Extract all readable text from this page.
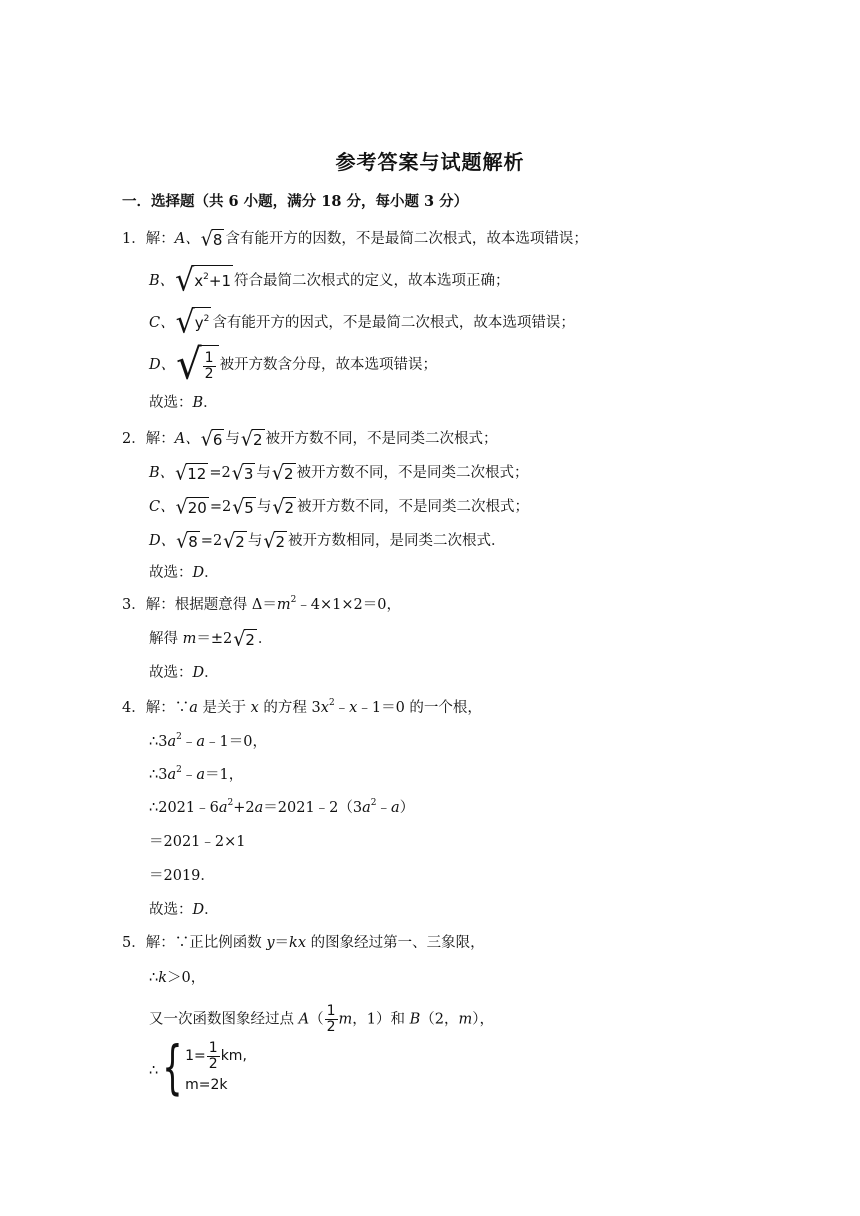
参考答案与试题解析
一．选择题（共 6 小题，满分 18 分，每小题 3 分）
1．解：A、 √ 8 含有能开方的因数，不是最简二次根式，故本选项错误；
B、 √ $x^2+1$ 符合最简二次根式的定义，故本选项正确；
C、 √ $y^2$ 含有能开方的因式，不是最简二次根式，故本选项错误；
D、 √ $\frac{1}{2}$ 被开方数含分母，故本选项错误；
故选：B．
2．解：A、 √ 6 与 √ 2 被开方数不同，不是同类二次根式；
B、 √ 12 =2 √ 3 与 √ 2 被开方数不同，不是同类二次根式；
C、 √ 20 =2 √ 5 与 √ 2 被开方数不同，不是同类二次根式；
D、 √ 8 =2 √ 2 与 √ 2 被开方数相同，是同类二次根式．
故选：D．
3．解：根据题意得 $\Delta=m^2﹣4\times 1\times 2=0$，
解得 m＝±2 √ 2 ．
故选：D．
4．解：∵a 是关于 x 的方程 $3x^2﹣x﹣1=0$ 的一个根，
$\therefore 3a^2﹣a﹣1=0$，
$\therefore 3a^2﹣a=1$，
$\therefore 2021﹣6a^2+2a=2021﹣2(3a^2﹣a)$
＝2021﹣2×1
＝2019．
故选：D．
5．解：∵正比例函数 y＝kx 的图象经过第一、三象限，
∴k＞0，
又一次函数图象经过点 $A( \frac{1}{2}$ m，1）和 B（2，m），
∴ { $1= \frac{1}{2}$ km ,
m=2k
